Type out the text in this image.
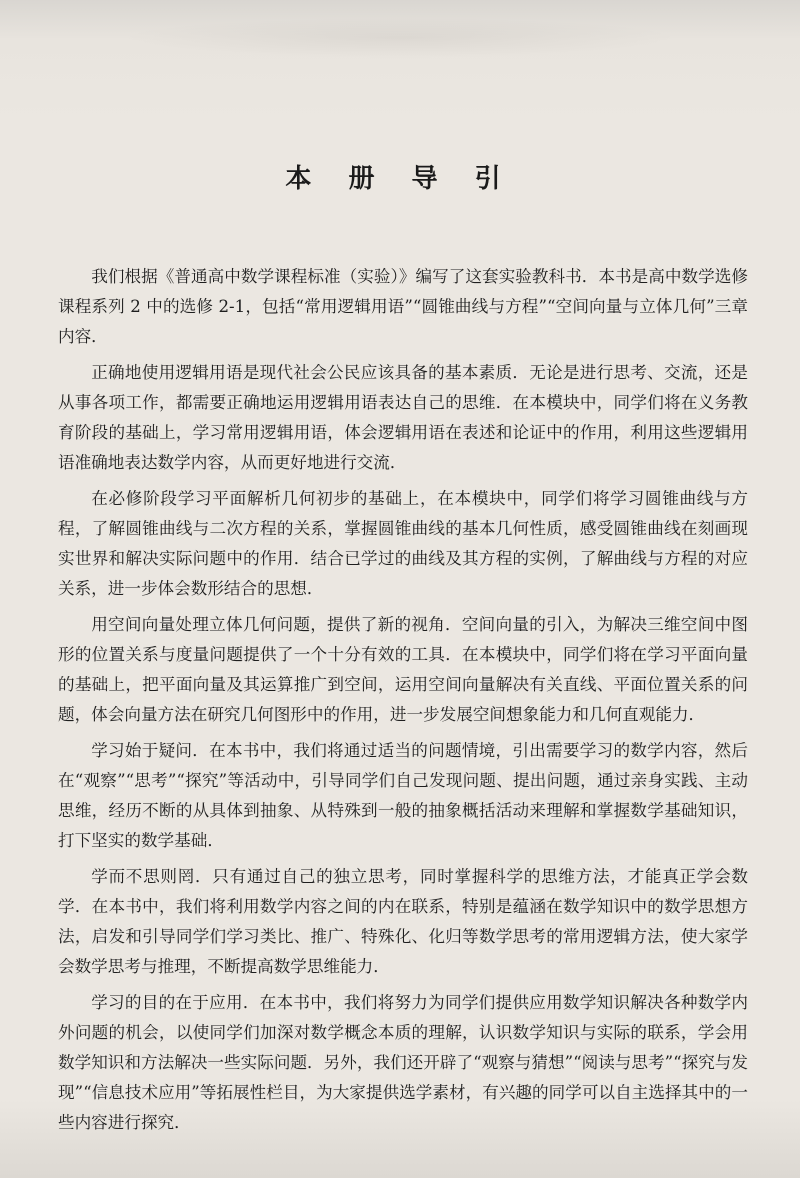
本 册 导 引

我们根据《普通高中数学课程标准（实验）》编写了这套实验教科书．本书是高中数学选修课程系列 2 中的选修 2-1，包括“常用逻辑用语”“圆锥曲线与方程”“空间向量与立体几何”三章内容．

正确地使用逻辑用语是现代社会公民应该具备的基本素质．无论是进行思考、交流，还是从事各项工作，都需要正确地运用逻辑用语表达自己的思维．在本模块中，同学们将在义务教育阶段的基础上，学习常用逻辑用语，体会逻辑用语在表述和论证中的作用，利用这些逻辑用语准确地表达数学内容，从而更好地进行交流．

在必修阶段学习平面解析几何初步的基础上，在本模块中，同学们将学习圆锥曲线与方程，了解圆锥曲线与二次方程的关系，掌握圆锥曲线的基本几何性质，感受圆锥曲线在刻画现实世界和解决实际问题中的作用．结合已学过的曲线及其方程的实例，了解曲线与方程的对应关系，进一步体会数形结合的思想．

用空间向量处理立体几何问题，提供了新的视角．空间向量的引入，为解决三维空间中图形的位置关系与度量问题提供了一个十分有效的工具．在本模块中，同学们将在学习平面向量的基础上，把平面向量及其运算推广到空间，运用空间向量解决有关直线、平面位置关系的问题，体会向量方法在研究几何图形中的作用，进一步发展空间想象能力和几何直观能力．

学习始于疑问．在本书中，我们将通过适当的问题情境，引出需要学习的数学内容，然后在“观察”“思考”“探究”等活动中，引导同学们自己发现问题、提出问题，通过亲身实践、主动思维，经历不断的从具体到抽象、从特殊到一般的抽象概括活动来理解和掌握数学基础知识，打下坚实的数学基础．

学而不思则罔．只有通过自己的独立思考，同时掌握科学的思维方法，才能真正学会数学．在本书中，我们将利用数学内容之间的内在联系，特别是蕴涵在数学知识中的数学思想方法，启发和引导同学们学习类比、推广、特殊化、化归等数学思考的常用逻辑方法，使大家学会数学思考与推理，不断提高数学思维能力．

学习的目的在于应用．在本书中，我们将努力为同学们提供应用数学知识解决各种数学内外问题的机会，以使同学们加深对数学概念本质的理解，认识数学知识与实际的联系，学会用数学知识和方法解决一些实际问题．另外，我们还开辟了“观察与猜想”“阅读与思考”“探究与发现”“信息技术应用”等拓展性栏目，为大家提供选学素材，有兴趣的同学可以自主选择其中的一些内容进行探究．
